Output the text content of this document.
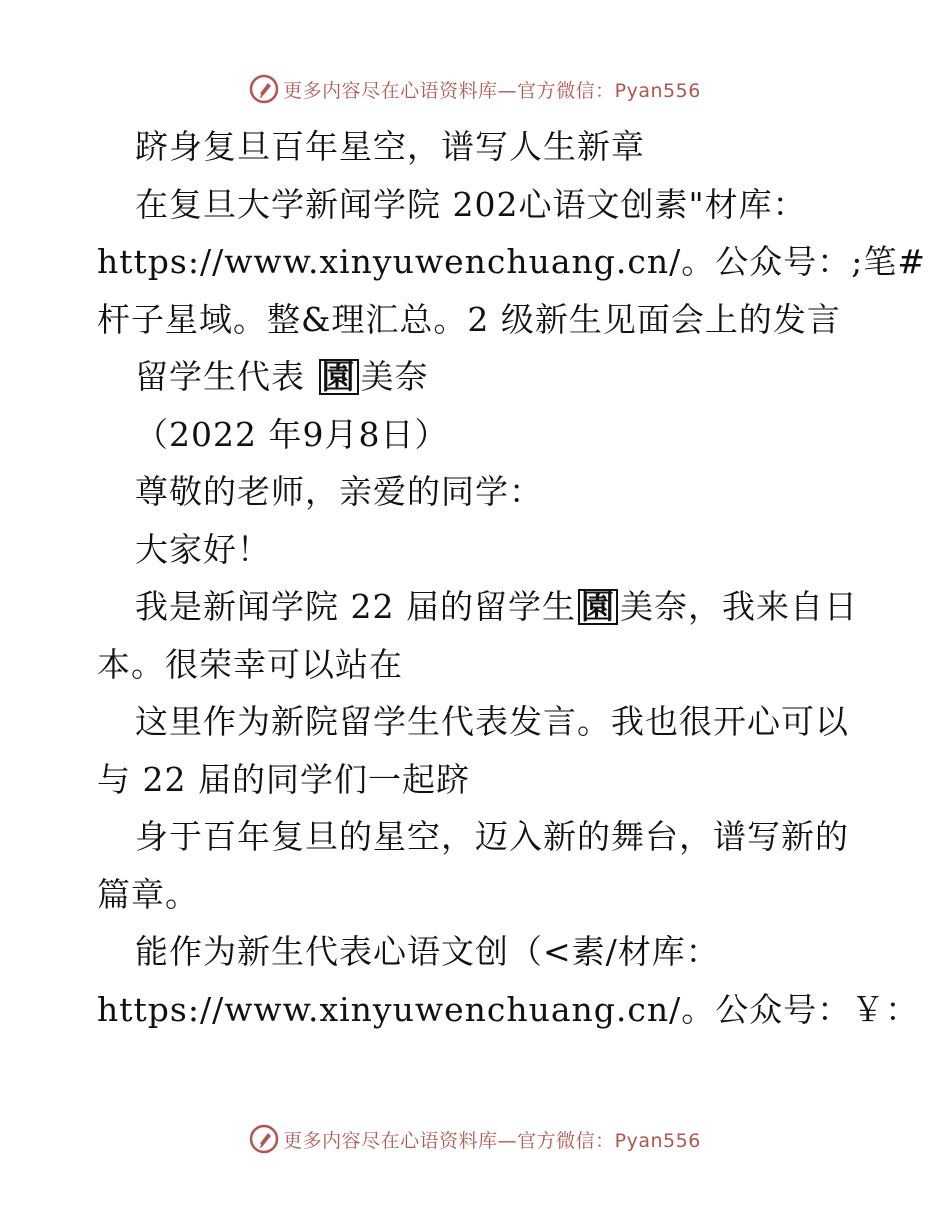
更多内容尽在心语资料库—官方微信：Pyan556
跻身复旦百年星空，谱写人生新章
在复旦大学新闻学院 202心语文创素"材库：
https://www.xinyuwenchuang.cn/。公众号：;笔#
杆子星域。整&理汇总。2 级新生见面会上的发言
留学生代表 園 美奈
（2022 年9月8日）
尊敬的老师，亲爱的同学：
大家好！
我是新闻学院 22 届的留学生 園 美奈，我来自日
本。很荣幸可以站在
这里作为新院留学生代表发言。我也很开心可以
与 22 届的同学们一起跻
身于百年复旦的星空，迈入新的舞台，谱写新的
篇章。
能作为新生代表心语文创（<素/材库：
https://www.xinyuwenchuang.cn/。公众号：￥：
更多内容尽在心语资料库—官方微信：Pyan556
